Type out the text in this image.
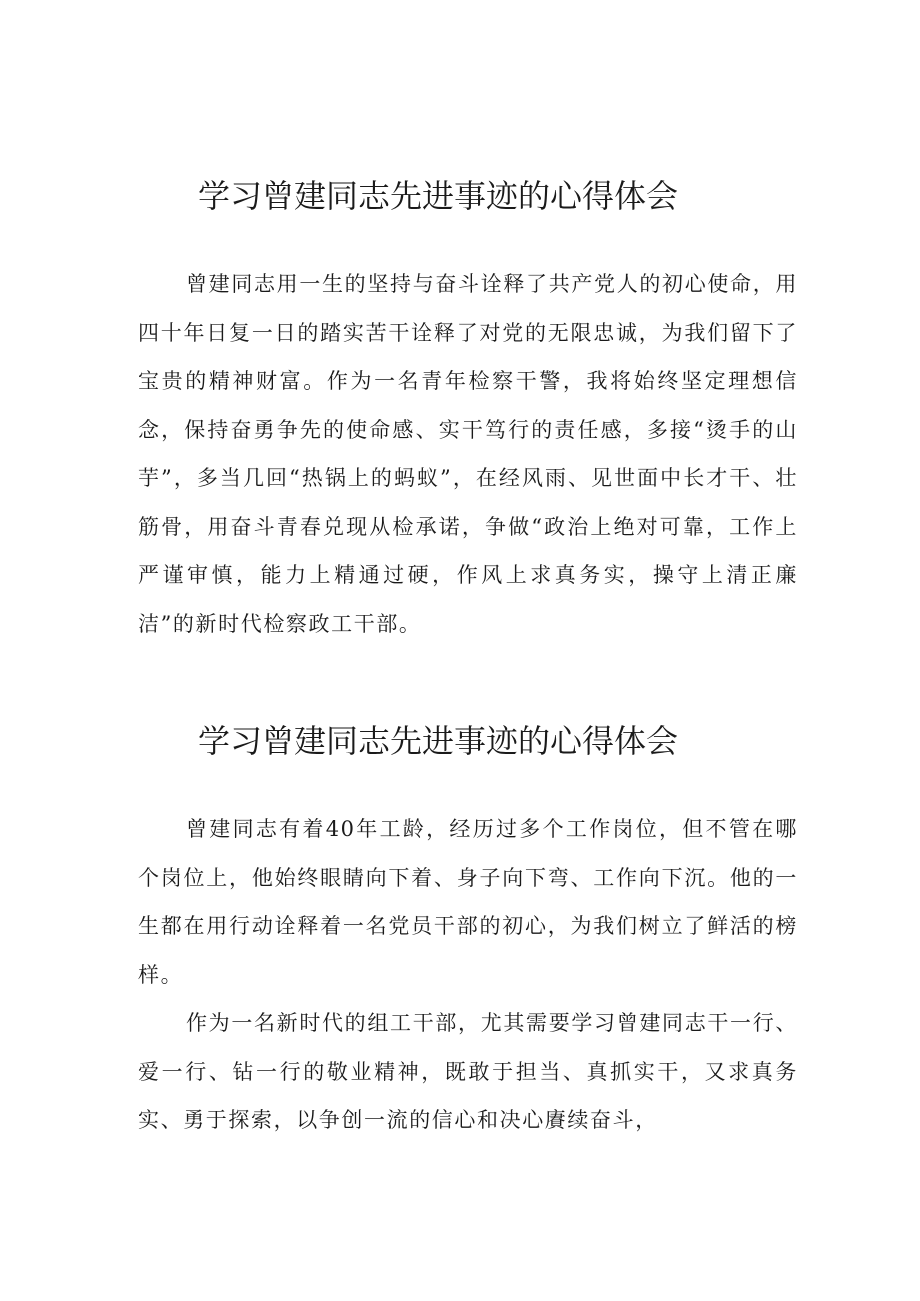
学习曾建同志先进事迹的心得体会

曾建同志用一生的坚持与奋斗诠释了共产党人的初心使命，用四十年日复一日的踏实苦干诠释了对党的无限忠诚，为我们留下了宝贵的精神财富。作为一名青年检察干警，我将始终坚定理想信念，保持奋勇争先的使命感、实干笃行的责任感，多接“烫手的山芋”，多当几回“热锅上的蚂蚁”，在经风雨、见世面中长才干、壮筋骨，用奋斗青春兑现从检承诺，争做“政治上绝对可靠，工作上严谨审慎，能力上精通过硬，作风上求真务实，操守上清正廉洁”的新时代检察政工干部。

学习曾建同志先进事迹的心得体会

曾建同志有着40年工龄，经历过多个工作岗位，但不管在哪个岗位上，他始终眼睛向下着、身子向下弯、工作向下沉。他的一生都在用行动诠释着一名党员干部的初心，为我们树立了鲜活的榜样。

作为一名新时代的组工干部，尤其需要学习曾建同志干一行、爱一行、钻一行的敬业精神，既敢于担当、真抓实干，又求真务实、勇于探索，以争创一流的信心和决心賡续奋斗，
